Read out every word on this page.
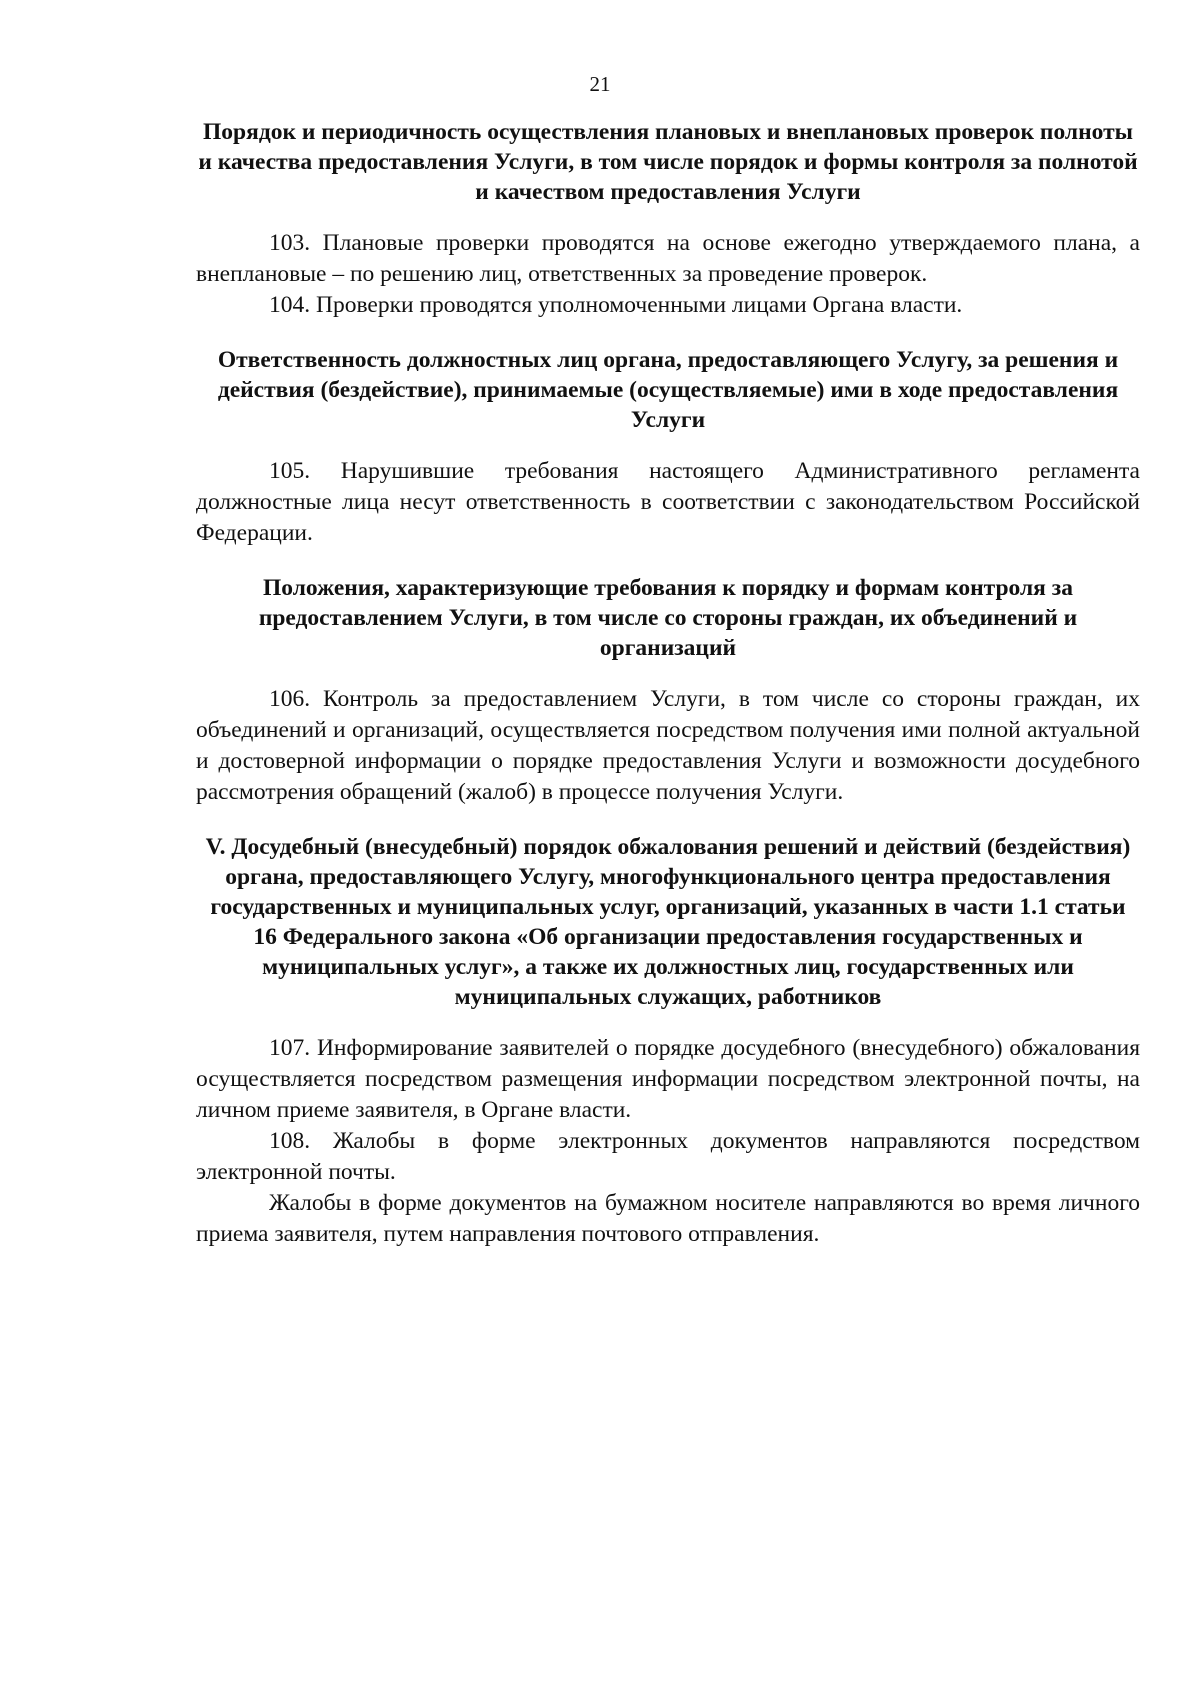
21

Порядок и периодичность осуществления плановых и внеплановых проверок полноты и качества предоставления Услуги, в том числе порядок и формы контроля за полнотой и качеством предоставления Услуги

103. Плановые проверки проводятся на основе ежегодно утверждаемого плана, а внеплановые – по решению лиц, ответственных за проведение проверок.

104. Проверки проводятся уполномоченными лицами Органа власти.

Ответственность должностных лиц органа, предоставляющего Услугу, за решения и действия (бездействие), принимаемые (осуществляемые) ими в ходе предоставления Услуги

105. Нарушившие требования настоящего Административного регламента должностные лица несут ответственность в соответствии с законодательством Российской Федерации.

Положения, характеризующие требования к порядку и формам контроля за предоставлением Услуги, в том числе со стороны граждан, их объединений и организаций

106. Контроль за предоставлением Услуги, в том числе со стороны граждан, их объединений и организаций, осуществляется посредством получения ими полной актуальной и достоверной информации о порядке предоставления Услуги и возможности досудебного рассмотрения обращений (жалоб) в процессе получения Услуги.

V. Досудебный (внесудебный) порядок обжалования решений и действий (бездействия) органа, предоставляющего Услугу, многофункционального центра предоставления государственных и муниципальных услуг, организаций, указанных в части 1.1 статьи 16 Федерального закона «Об организации предоставления государственных и муниципальных услуг», а также их должностных лиц, государственных или муниципальных служащих, работников

107. Информирование заявителей о порядке досудебного (внесудебного) обжалования осуществляется посредством размещения информации посредством электронной почты, на личном приеме заявителя, в Органе власти.

108. Жалобы в форме электронных документов направляются посредством электронной почты.

Жалобы в форме документов на бумажном носителе направляются во время личного приема заявителя, путем направления почтового отправления.
